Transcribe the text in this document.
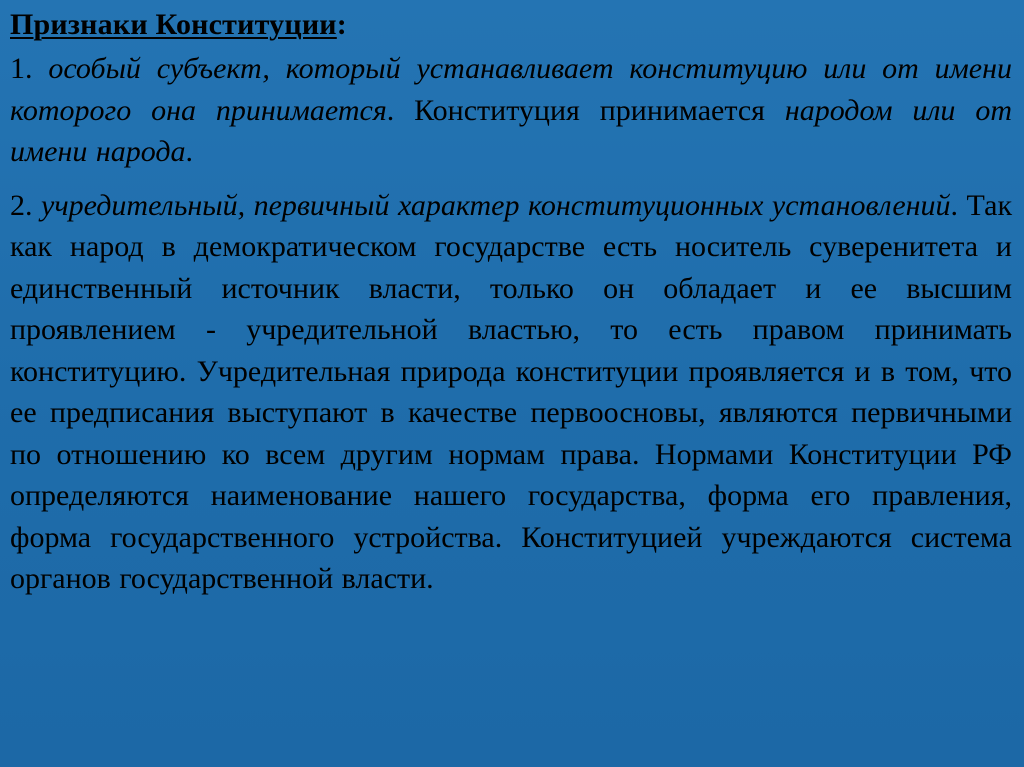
Признаки Конституции:

1. особый субъект, который устанавливает конституцию или от имени которого она принимается. Конституция принимается народом или от имени народа.

2. учредительный, первичный характер конституционных установлений. Так как народ в демократическом государстве есть носитель суверенитета и единственный источник власти, только он обладает и ее высшим проявлением - учредительной властью, то есть правом принимать конституцию. Учредительная природа конституции проявляется и в том, что ее предписания выступают в качестве первоосновы, являются первичными по отношению ко всем другим нормам права. Нормами Конституции РФ определяются наименование нашего государства, форма его правления, форма государственного устройства. Конституцией учреждаются система органов государственной власти.
